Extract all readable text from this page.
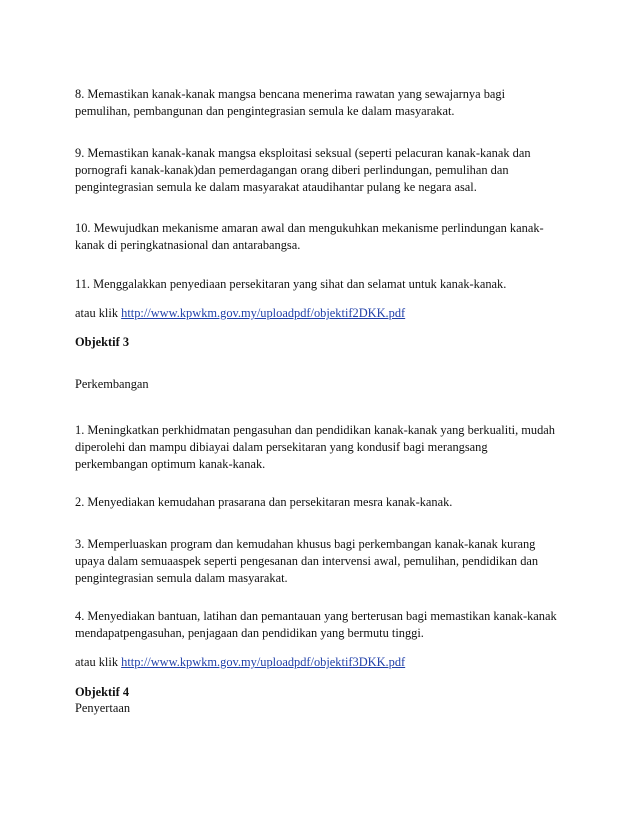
8. Memastikan kanak-kanak mangsa bencana menerima rawatan yang sewajarnya bagi
pemulihan, pembangunan dan pengintegrasian semula ke dalam masyarakat.
9. Memastikan kanak-kanak mangsa eksploitasi seksual (seperti pelacuran kanak-kanak dan
pornografi kanak-kanak)dan pemerdagangan orang diberi perlindungan, pemulihan dan
pengintegrasian semula ke dalam masyarakat ataudihantar pulang ke negara asal.
10. Mewujudkan mekanisme amaran awal dan mengukuhkan mekanisme perlindungan kanak-
kanak di peringkatnasional dan antarabangsa.
11. Menggalakkan penyediaan persekitaran yang sihat dan selamat untuk kanak-kanak.
atau klik http://www.kpwkm.gov.my/uploadpdf/objektif2DKK.pdf
Objektif 3
Perkembangan
1. Meningkatkan perkhidmatan pengasuhan dan pendidikan kanak-kanak yang berkualiti, mudah
diperolehi dan mampu dibiayai dalam persekitaran yang kondusif bagi merangsang
perkembangan optimum kanak-kanak.
2. Menyediakan kemudahan prasarana dan persekitaran mesra kanak-kanak.
3. Memperluaskan program dan kemudahan khusus bagi perkembangan kanak-kanak kurang
upaya dalam semuaaspek seperti pengesanan dan intervensi awal, pemulihan, pendidikan dan
pengintegrasian semula dalam masyarakat.
4. Menyediakan bantuan, latihan dan pemantauan yang berterusan bagi memastikan kanak-kanak
mendapatpengasuhan, penjagaan dan pendidikan yang bermutu tinggi.
atau klik http://www.kpwkm.gov.my/uploadpdf/objektif3DKK.pdf
Objektif 4
Penyertaan
